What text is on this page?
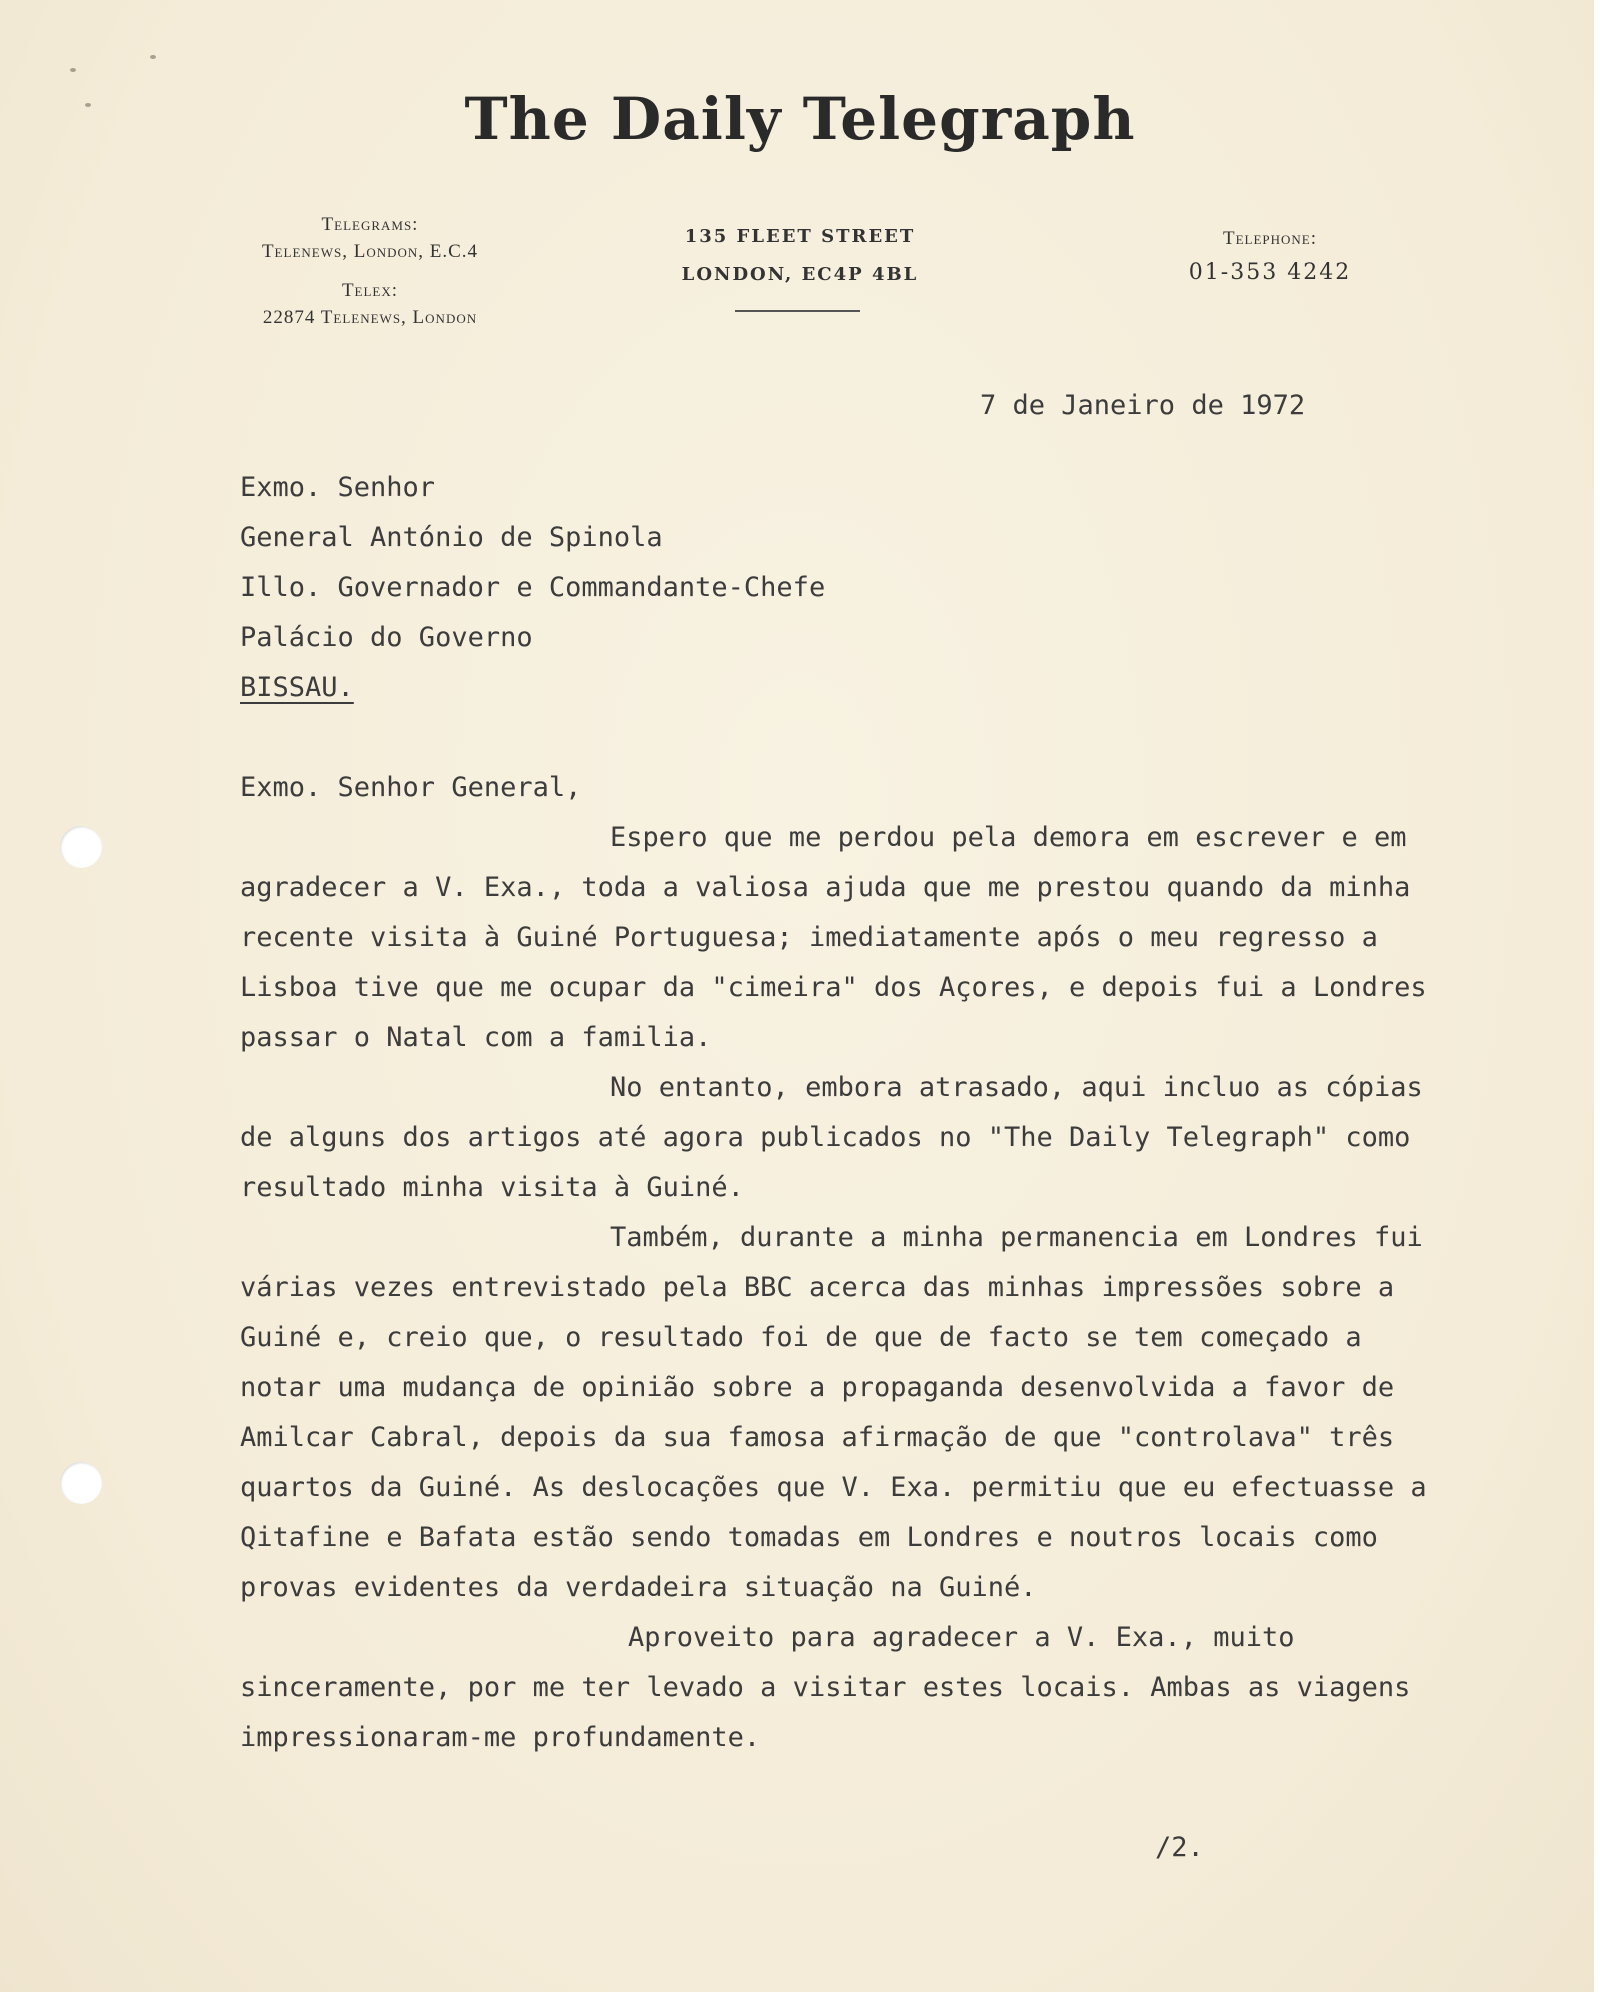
The Daily Telegraph
Telegrams:
Telenews, London, E.C.4
Telex:
22874 Telenews, London
135 FLEET STREET
LONDON, EC4P 4BL
Telephone:
01-353 4242
7 de Janeiro de 1972
Exmo. Senhor
General António de Spinola
Illo. Governador e Commandante-Chefe
Palácio do Governo
BISSAU.
Exmo. Senhor General,
Espero que me perdou pela demora em escrever e em
agradecer a V. Exa., toda a valiosa ajuda que me prestou quando da minha
recente visita à Guiné Portuguesa; imediatamente após o meu regresso a
Lisboa tive que me ocupar da "cimeira" dos Açores, e depois fui a Londres
passar o Natal com a familia.
No entanto, embora atrasado, aqui incluo as cópias
de alguns dos artigos até agora publicados no "The Daily Telegraph" como
resultado minha visita à Guiné.
Também, durante a minha permanencia em Londres fui
várias vezes entrevistado pela BBC acerca das minhas impressões sobre a
Guiné e, creio que, o resultado foi de que de facto se tem começado a
notar uma mudança de opinião sobre a propaganda desenvolvida a favor de
Amilcar Cabral, depois da sua famosa afirmação de que "controlava" três
quartos da Guiné. As deslocações que V. Exa. permitiu que eu efectuasse a
Qitafine e Bafata estão sendo tomadas em Londres e noutros locais como
provas evidentes da verdadeira situação na Guiné.
Aproveito para agradecer a V. Exa., muito
sinceramente, por me ter levado a visitar estes locais. Ambas as viagens
impressionaram-me profundamente.
/2.
